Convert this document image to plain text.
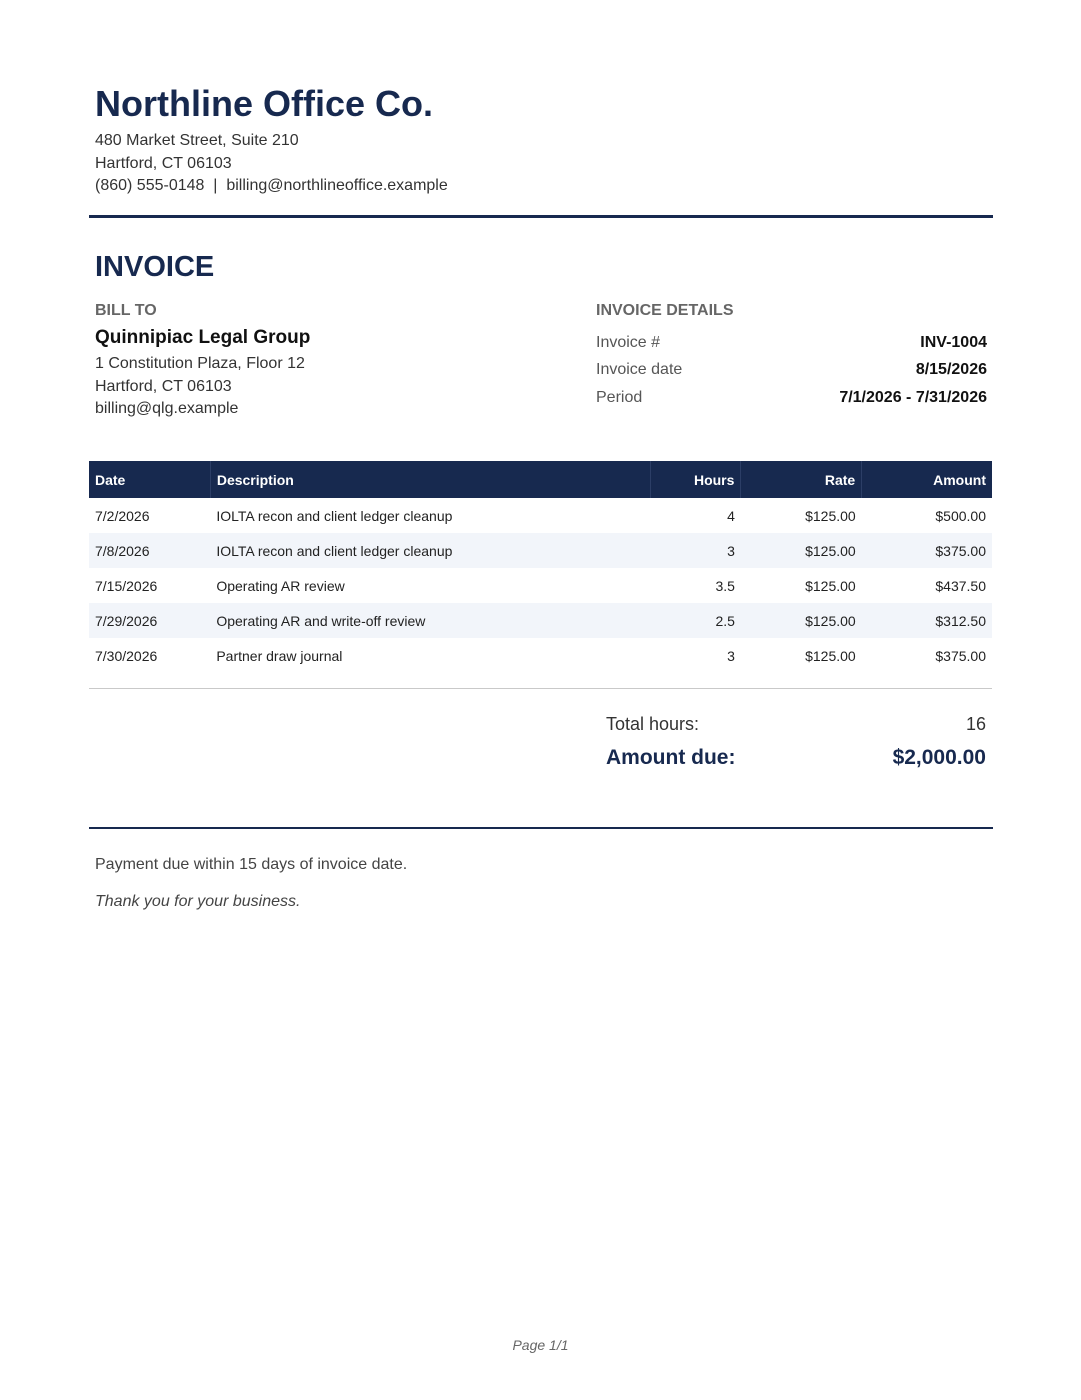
Northline Office Co.
480 Market Street, Suite 210
Hartford, CT 06103
(860) 555-0148  |  billing@northlineoffice.example
INVOICE
BILL TO
Quinnipiac Legal Group
1 Constitution Plaza, Floor 12
Hartford, CT 06103
billing@qlg.example
INVOICE DETAILS
Invoice #	INV-1004
Invoice date	8/15/2026
Period	7/1/2026 - 7/31/2026
Date	Description	Hours	Rate	Amount
7/2/2026	IOLTA recon and client ledger cleanup	4	$125.00	$500.00
7/8/2026	IOLTA recon and client ledger cleanup	3	$125.00	$375.00
7/15/2026	Operating AR review	3.5	$125.00	$437.50
7/29/2026	Operating AR and write-off review	2.5	$125.00	$312.50
7/30/2026	Partner draw journal	3	$125.00	$375.00
Total hours:	16
Amount due:	$2,000.00
Payment due within 15 days of invoice date.
Thank you for your business.
Page 1/1
